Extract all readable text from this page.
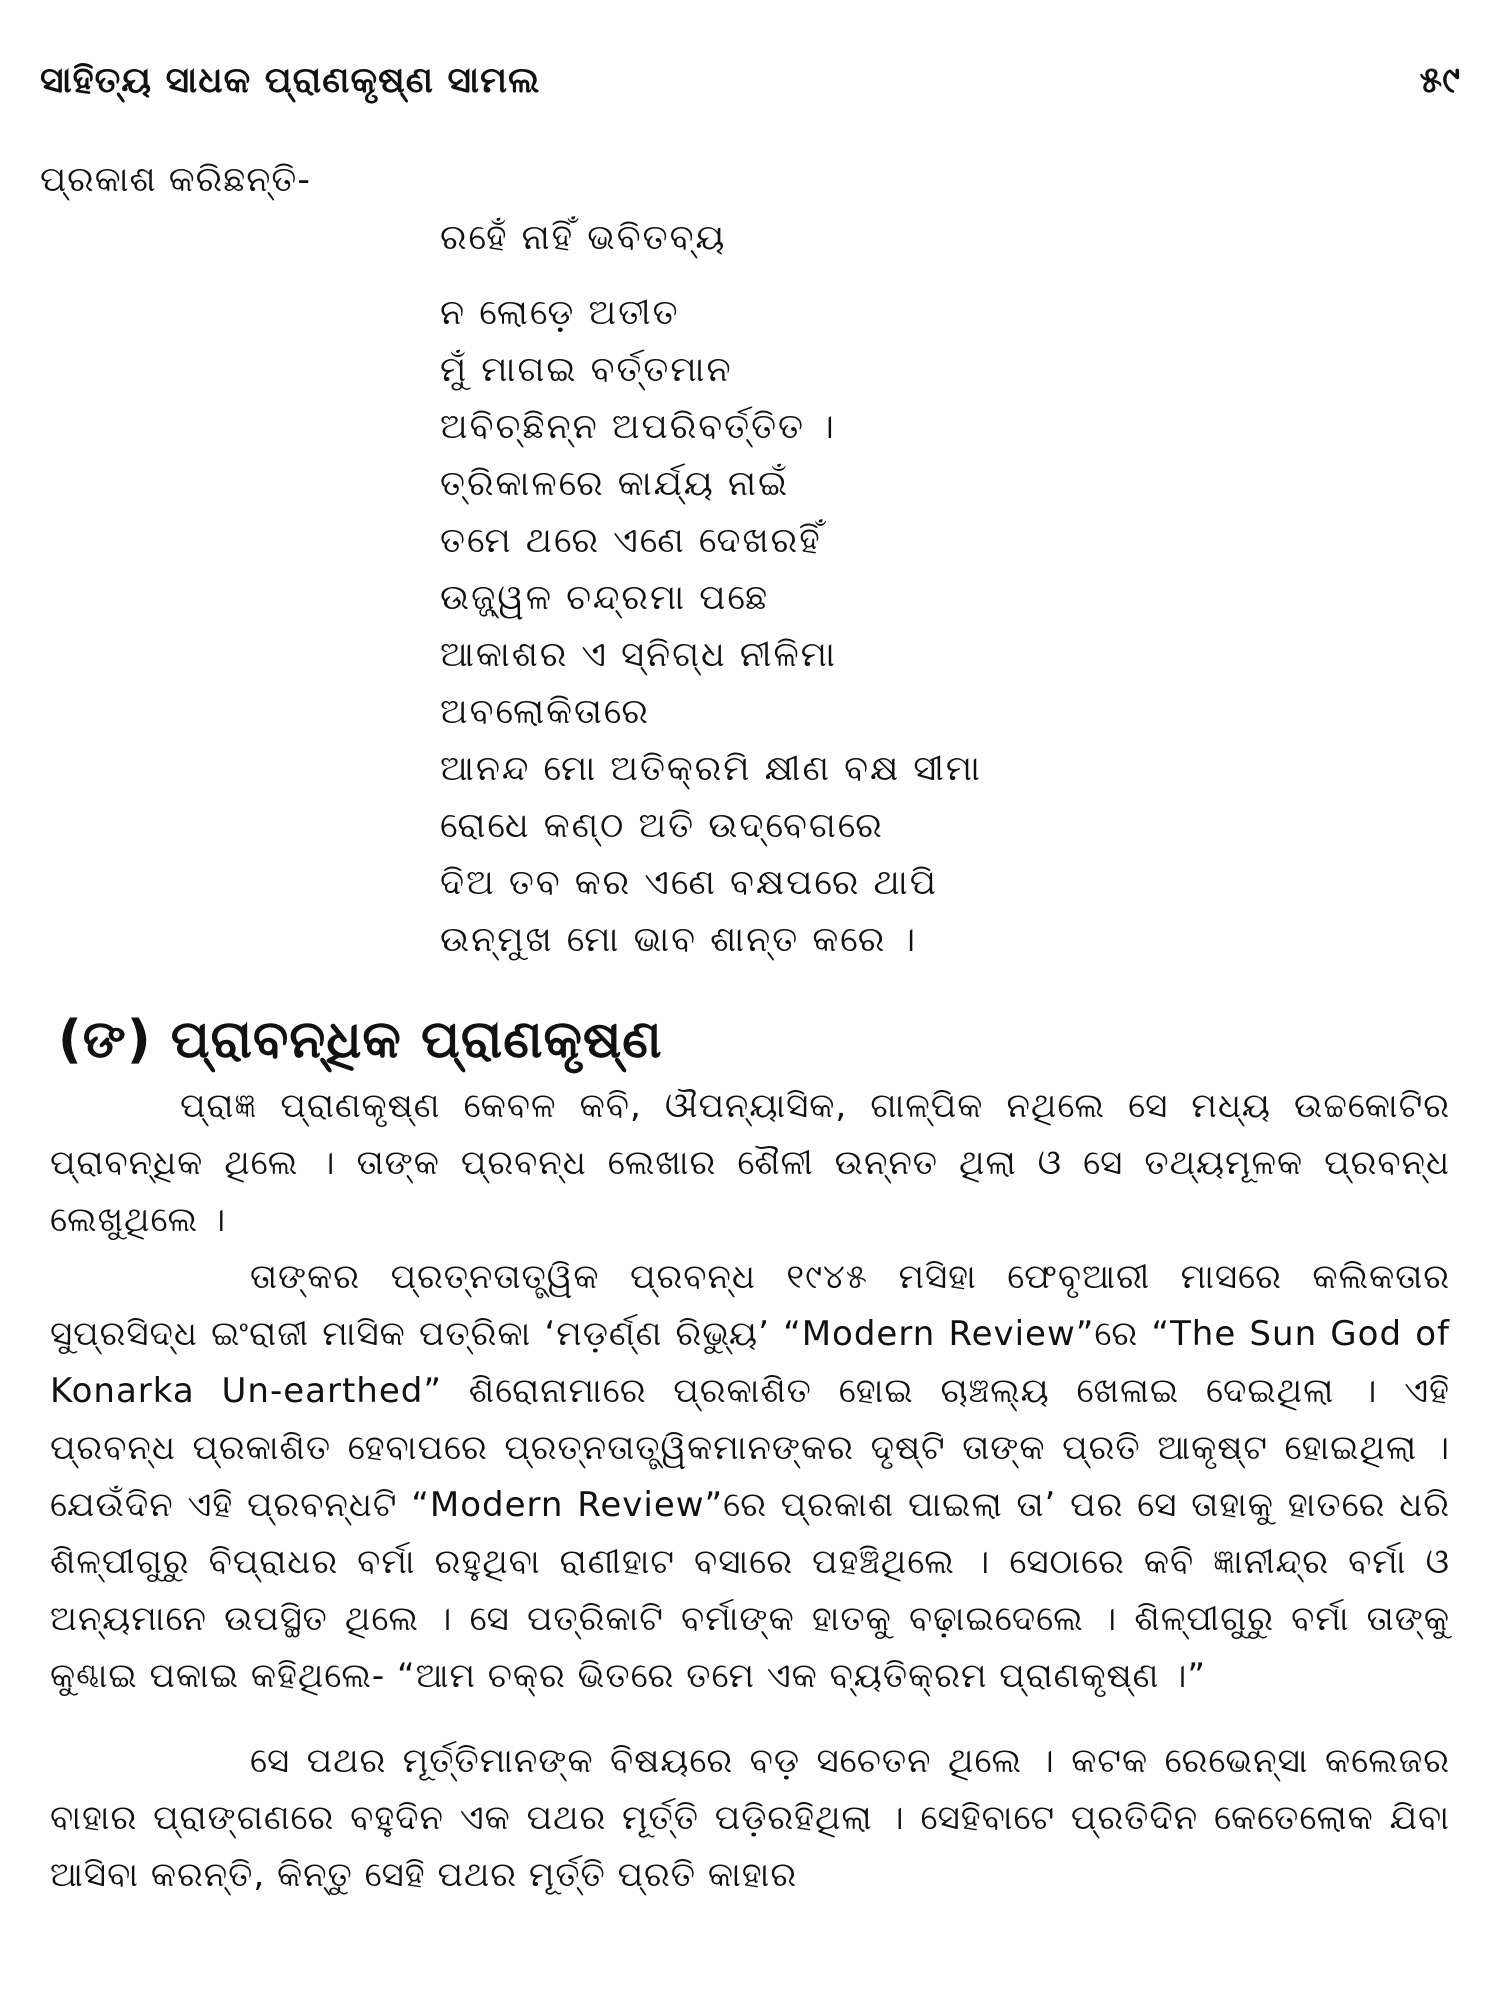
ସାହିତ୍ୟ ସାଧକ ପ୍ରାଣକୃଷ୍ଣ ସାମଲ	୫୯
ପ୍ରକାଶ କରିଛନ୍ତି-
ରହେଁ ନାହିଁ ଭବିତବ୍ୟ
ନ ଲୋଡ଼େ ଅତୀତ
ମୁଁ ମାଗଇ ବର୍ତ୍ତମାନ
ଅବିଚ୍ଛିନ୍ନ ଅପରିବର୍ତ୍ତିତ ।
ତ୍ରିକାଳରେ କାର୍ଯ୍ୟ ନାଇଁ
ତମେ ଥରେ ଏଣେ ଦେଖରହିଁ
ଉଜ୍ଜ୍ୱଳ ଚନ୍ଦ୍ରମା ପଛେ
ଆକାଶର ଏ ସ୍ନିଗ୍ଧ ନୀଳିମା
ଅବଲୋକିତାରେ
ଆନନ୍ଦ ମୋ ଅତିକ୍ରମି କ୍ଷୀଣ ବକ୍ଷ ସୀମା
ରୋଧେ କଣ୍ଠ ଅତି ଉଦ୍‌ବେଗରେ
ଦିଅ ତବ କର ଏଣେ ବକ୍ଷପରେ ଥାପି
ଉନ୍ମୁଖ ମୋ ଭାବ ଶାନ୍ତ କରେ ।
(ଙ) ପ୍ରାବନ୍ଧିକ ପ୍ରାଣକୃଷ୍ଣ

ପ୍ରାଜ୍ଞ ପ୍ରାଣକୃଷ୍ଣ କେବଳ କବି, ଔପନ୍ୟାସିକ, ଗାଳ୍ପିକ ନଥିଲେ ସେ ମଧ୍ୟ ଉଚ୍ଚକୋଟିର ପ୍ରାବନ୍ଧିକ ଥିଲେ । ତାଙ୍କ ପ୍ରବନ୍ଧ ଲେଖାର ଶୈଳୀ ଉନ୍ନତ ଥିଲା ଓ ସେ ତଥ୍ୟମୂଳକ ପ୍ରବନ୍ଧ ଲେଖୁଥିଲେ ।

ତାଙ୍କର ପ୍ରତ୍ନତାତ୍ତ୍ୱିକ ପ୍ରବନ୍ଧ ୧୯୪୫ ମସିହା ଫେବୃଆରୀ ମାସରେ କଲିକତାର ସୁପ୍ରସିଦ୍ଧ ଇଂରାଜୀ ମାସିକ ପତ୍ରିକା ‘ମଡ଼ର୍ଣ୍ଣ ରିଭ୍ୟୁ’ “Modern Review”ରେ “The Sun God of Konarka Un-earthed” ଶିରୋନାମାରେ ପ୍ରକାଶିତ ହୋଇ ଚାଞ୍ଚଲ୍ୟ ଖେଳାଇ ଦେଇଥିଲା । ଏହି ପ୍ରବନ୍ଧ ପ୍ରକାଶିତ ହେବାପରେ ପ୍ରତ୍ନତାତ୍ତ୍ୱିକମାନଙ୍କର ଦୃଷ୍ଟି ତାଙ୍କ ପ୍ରତି ଆକୃଷ୍ଟ ହୋଇଥିଲା । ଯେଉଁଦିନ ଏହି ପ୍ରବନ୍ଧଟି “Modern Review”ରେ ପ୍ରକାଶ ପାଇଲା ତା’ ପର ସେ ତାହାକୁ ହାତରେ ଧରି ଶିଳ୍ପୀଗୁରୁ ବିପ୍ରାଧର ବର୍ମା ରହୁଥିବା ରାଣୀହାଟ ବସାରେ ପହଞ୍ଚିଥିଲେ । ସେଠାରେ କବି ଜ୍ଞାନୀନ୍ଦ୍ର ବର୍ମା ଓ ଅନ୍ୟମାନେ ଉପସ୍ଥିତ ଥିଲେ । ସେ ପତ୍ରିକାଟି ବର୍ମାଙ୍କ ହାତକୁ ବଢ଼ାଇଦେଲେ । ଶିଳ୍ପୀଗୁରୁ ବର୍ମା ତାଙ୍କୁ କୁଣ୍ଢାଇ ପକାଇ କହିଥିଲେ- “ଆମ ଚକ୍ର ଭିତରେ ତମେ ଏକ ବ୍ୟତିକ୍ରମ ପ୍ରାଣକୃଷ୍ଣ ।”

ସେ ପଥର ମୂର୍ତ୍ତିମାନଙ୍କ ବିଷୟରେ ବଡ଼ ସଚେତନ ଥିଲେ । କଟକ ରେଭେନ୍ସା କଲେଜର ବାହାର ପ୍ରାଙ୍ଗଣରେ ବହୁଦିନ ଏକ ପଥର ମୂର୍ତ୍ତି ପଡ଼ିରହିଥିଲା । ସେହିବାଟେ ପ୍ରତିଦିନ କେତେଲୋକ ଯିବା ଆସିବା କରନ୍ତି, କିନ୍ତୁ ସେହି ପଥର ମୂର୍ତ୍ତି ପ୍ରତି କାହାର
